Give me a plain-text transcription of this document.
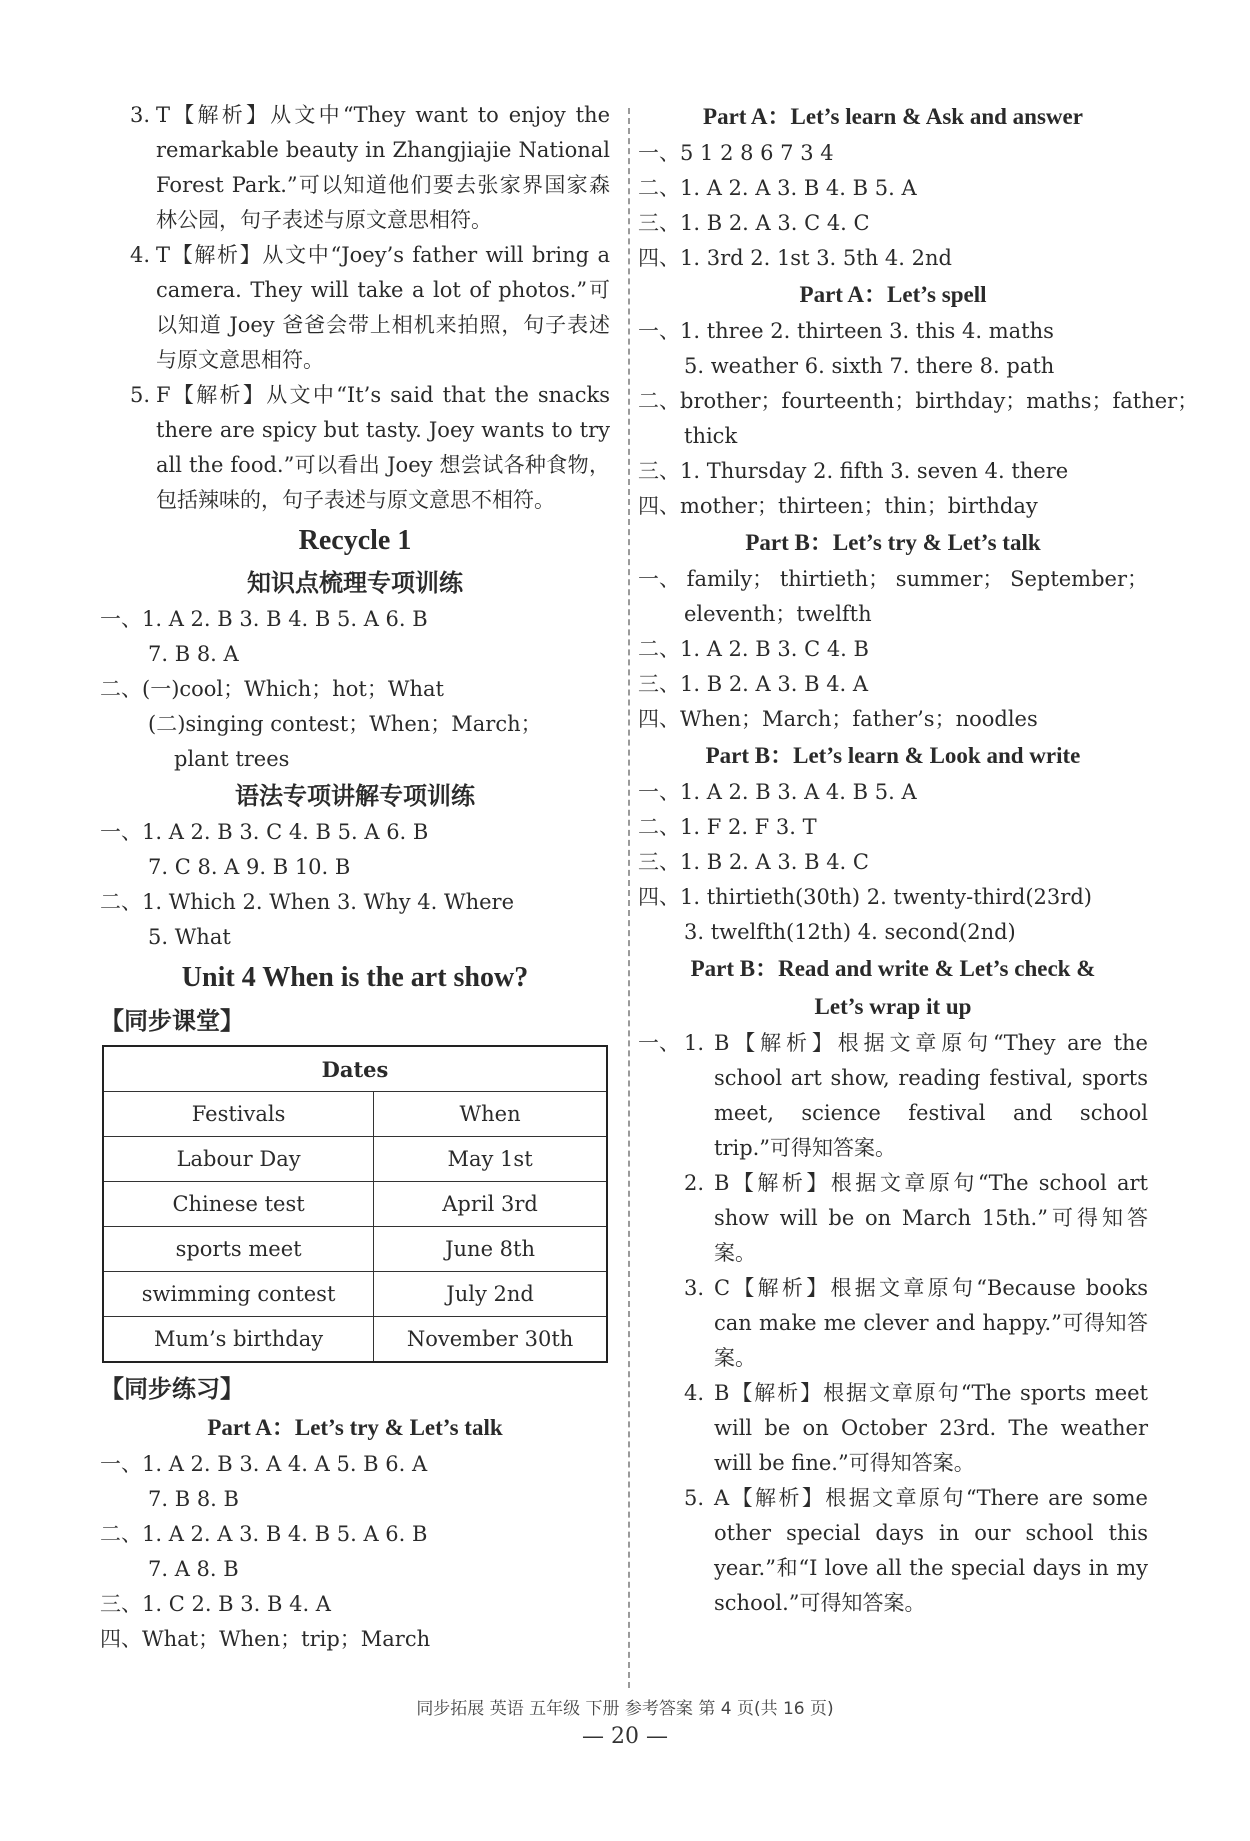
3. T【解析】从文中“They want to enjoy the remarkable beauty in Zhangjiajie National Forest Park.”可以知道他们要去张家界国家森林公园，句子表述与原文意思相符。
4. T【解析】从文中“Joey’s father will bring a camera. They will take a lot of photos.”可以知道 Joey 爸爸会带上相机来拍照，句子表述与原文意思相符。
5. F【解析】从文中“It’s said that the snacks there are spicy but tasty. Joey wants to try all the food.”可以看出 Joey 想尝试各种食物，包括辣味的，句子表述与原文意思不相符。
Recycle 1
知识点梳理专项训练
一、1. A 2. B 3. B 4. B 5. A 6. B
7. B 8. A
二、(一)cool；Which；hot；What
(二)singing contest；When；March；
plant trees
语法专项讲解专项训练
一、1. A 2. B 3. C 4. B 5. A 6. B
7. C 8. A 9. B 10. B
二、1. Which 2. When 3. Why 4. Where
5. What
Unit 4 When is the art show?
【同步课堂】
Dates	
Festivals	When
Labour Day	May 1st
Chinese test	April 3rd
sports meet	June 8th
swimming contest	July 2nd
Mum’s birthday	November 30th
【同步练习】
Part A：Let’s try & Let’s talk
一、1. A 2. B 3. A 4. A 5. B 6. A
7. B 8. B
二、1. A 2. A 3. B 4. B 5. A 6. B
7. A 8. B
三、1. C 2. B 3. B 4. A
四、What；When；trip；March
Part A：Let’s learn & Ask and answer
一、5 1 2 8 6 7 3 4
二、1. A 2. A 3. B 4. B 5. A
三、1. B 2. A 3. C 4. C
四、1. 3rd 2. 1st 3. 5th 4. 2nd
Part A：Let’s spell
一、1. three 2. thirteen 3. this 4. maths
5. weather 6. sixth 7. there 8. path
二、brother；fourteenth；birthday；maths；father；
thick
三、1. Thursday 2. fifth 3. seven 4. there
四、mother；thirteen；thin；birthday
Part B：Let’s try & Let’s talk
一、 family； thirtieth； summer； September；
eleventh；twelfth
二、1. A 2. B 3. C 4. B
三、1. B 2. A 3. B 4. A
四、When；March；father’s；noodles
Part B：Let’s learn & Look and write
一、1. A 2. B 3. A 4. B 5. A
二、1. F 2. F 3. T
三、1. B 2. A 3. B 4. C
四、1. thirtieth(30th) 2. twenty-third(23rd)
3. twelfth(12th) 4. second(2nd)
Part B：Read and write & Let’s check &
Let’s wrap it up
一、 1. B【解析】根据文章原句“They are the school art show, reading festival, sports meet, science festival and school trip.”可得知答案。
2. B【解析】根据文章原句“The school art show will be on March 15th.”可得知答案。
3. C【解析】根据文章原句“Because books can make me clever and happy.”可得知答案。
4. B【解析】根据文章原句“The sports meet will be on October 23rd. The weather will be fine.”可得知答案。
5. A【解析】根据文章原句“There are some other special days in our school this year.”和“I love all the special days in my school.”可得知答案。
同步拓展 英语 五年级 下册 参考答案 第 4 页(共 16 页)
— 20 —
